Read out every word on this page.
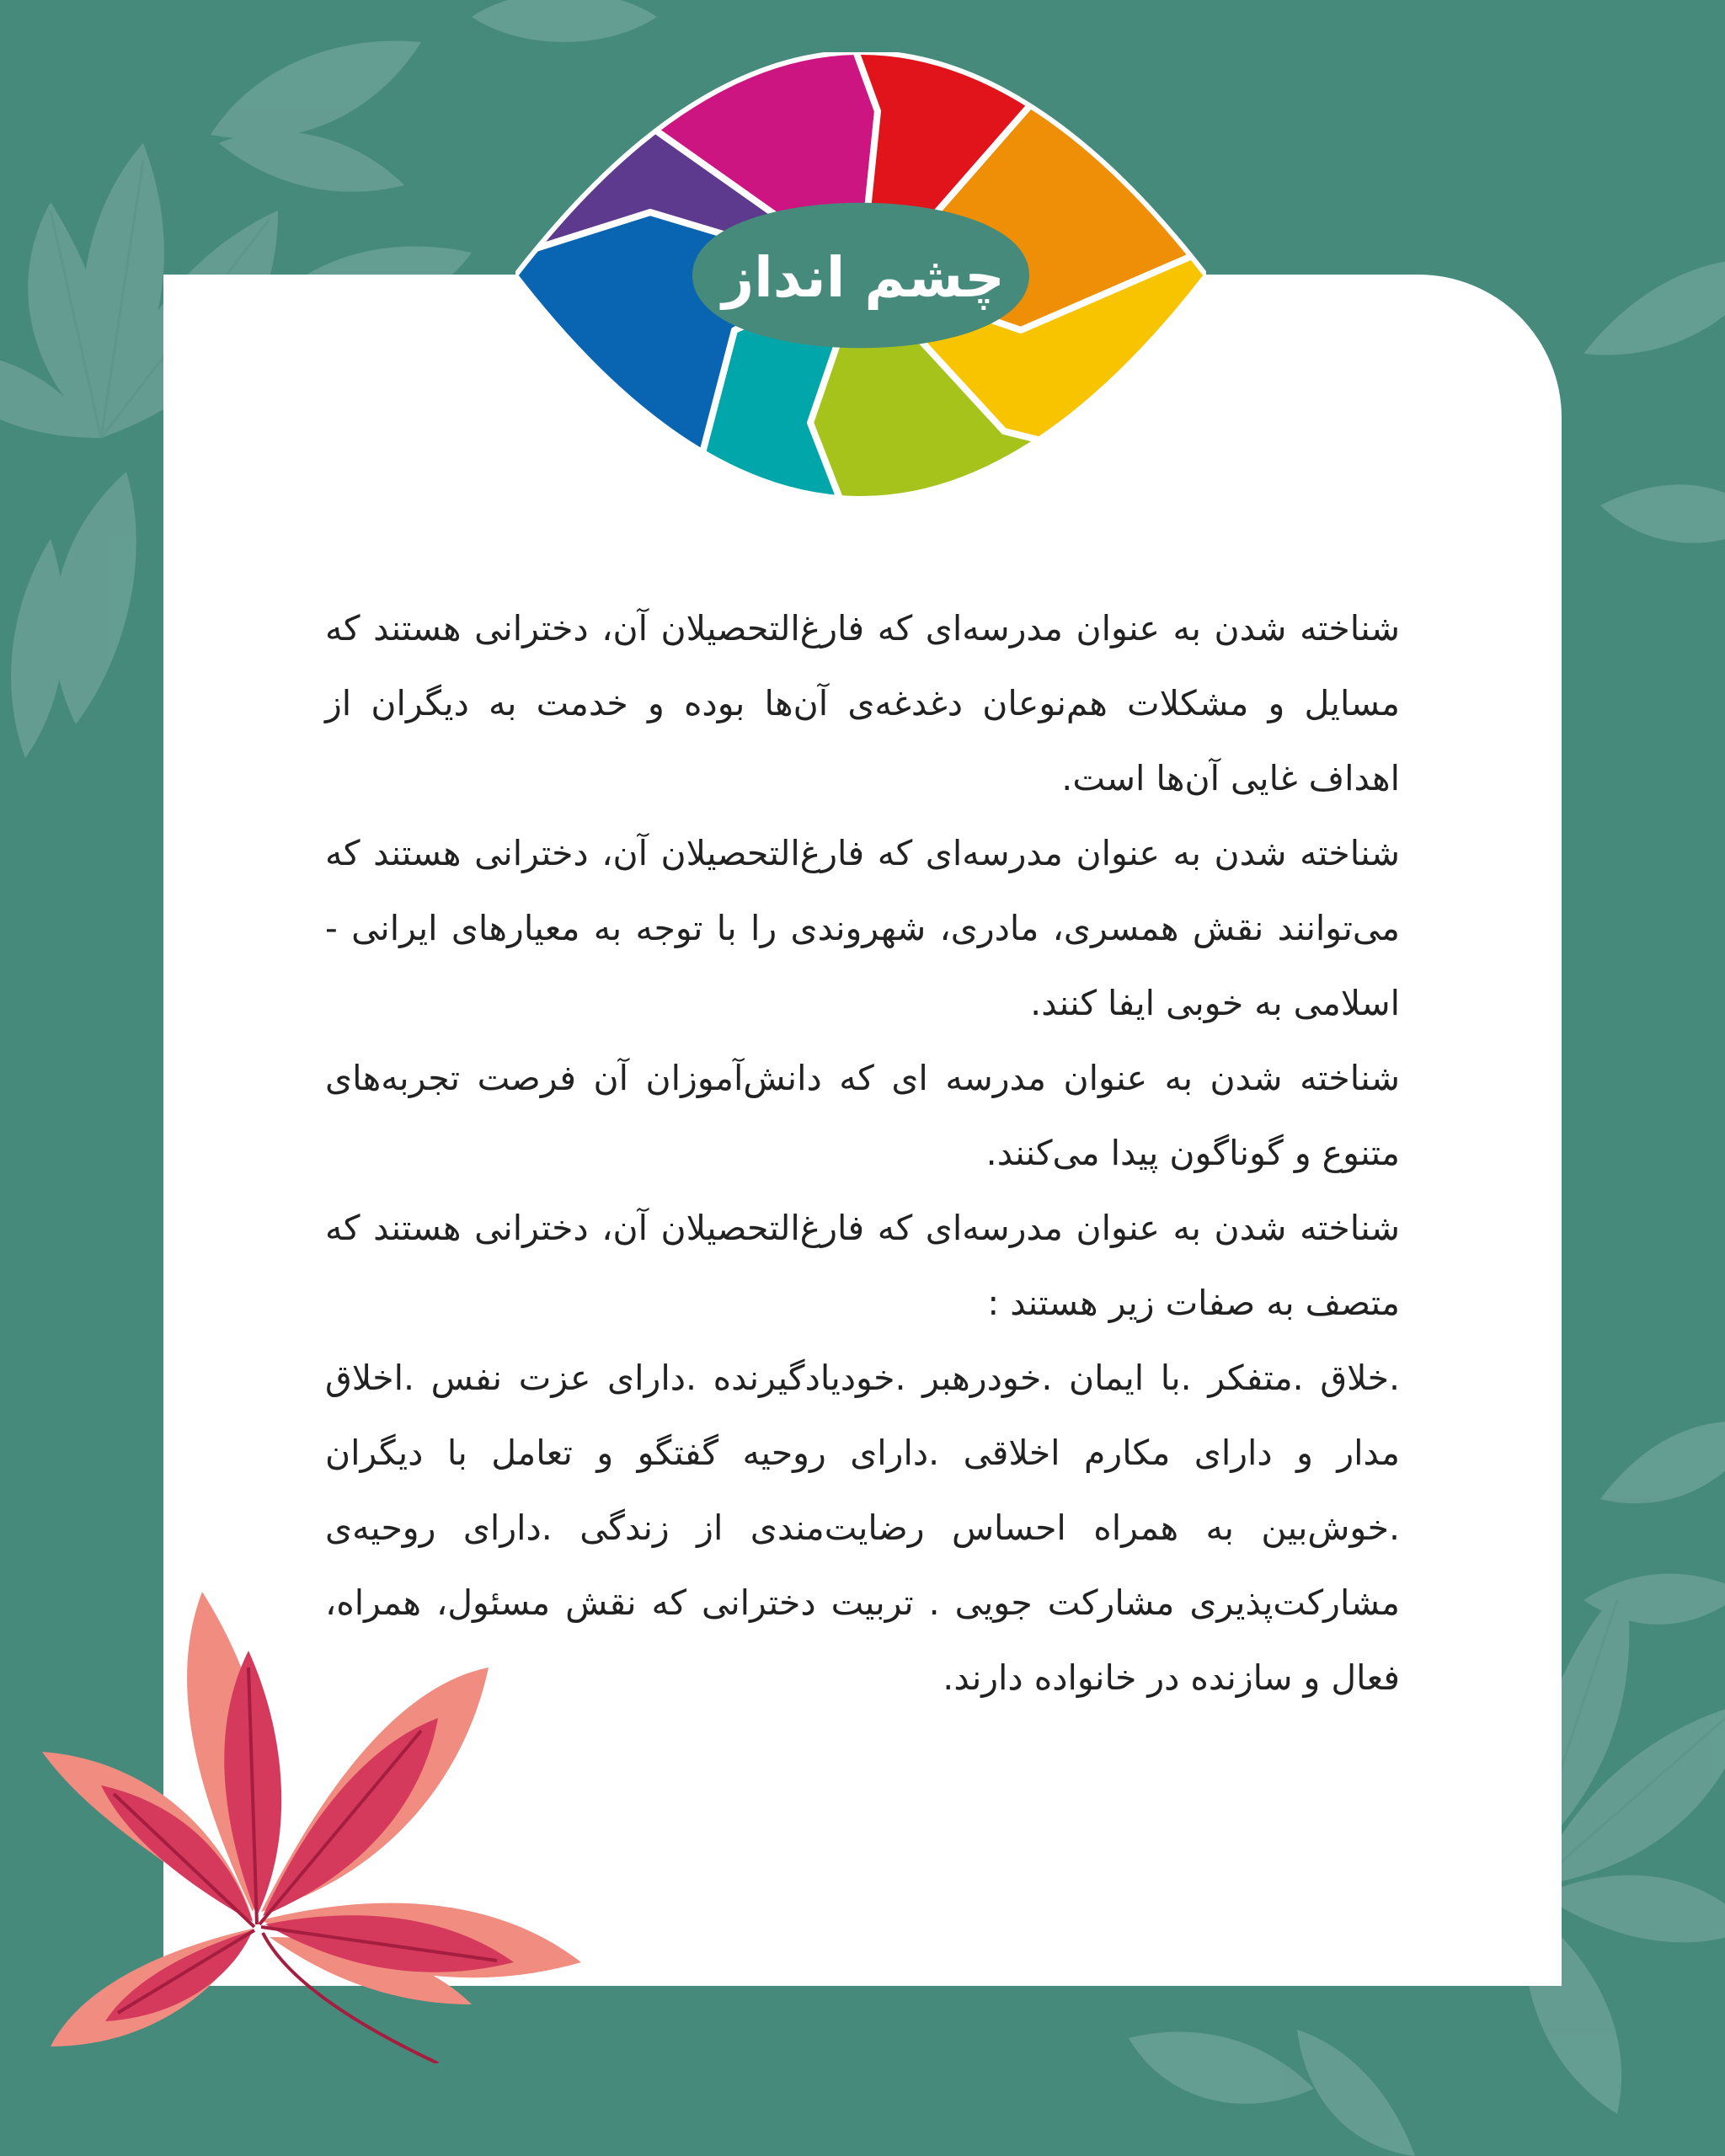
چشم انداز

شناخته شدن به عنوان مدرسه‌ای که فارغ‌التحصیلان آن، دخترانی هستند که مسایل و مشکلات هم‌نوعان دغدغه‌ی آن‌ها بوده و خدمت به دیگران از اهداف غایی آن‌ها است.

شناخته شدن به عنوان مدرسه‌ای که فارغ‌التحصیلان آن، دخترانی هستند که می‌توانند نقش همسری، مادری، شهروندی را با توجه به معیارهای ایرانی - اسلامی به خوبی ایفا کنند.

شناخته شدن به عنوان مدرسه ای که دانش‌آموزان آن فرصت تجربه‌های متنوع و گوناگون پیدا می‌کنند.

شناخته شدن به عنوان مدرسه‌ای که فارغ‌التحصیلان آن، دخترانی هستند که متصف به صفات زیر هستند :

.خلاق .متفکر .با ایمان .خودرهبر .خودیادگیرنده .دارای عزت نفس .اخلاق مدار و دارای مکارم اخلاقی .دارای روحیه گفتگو و تعامل با دیگران .خوش‌بین به همراه احساس رضایت‌مندی از زندگی .دارای روحیه‌ی مشارکت‌پذیری مشارکت جویی . تربیت دخترانی که نقش مسئول، همراه، فعال و سازنده در خانواده دارند.
